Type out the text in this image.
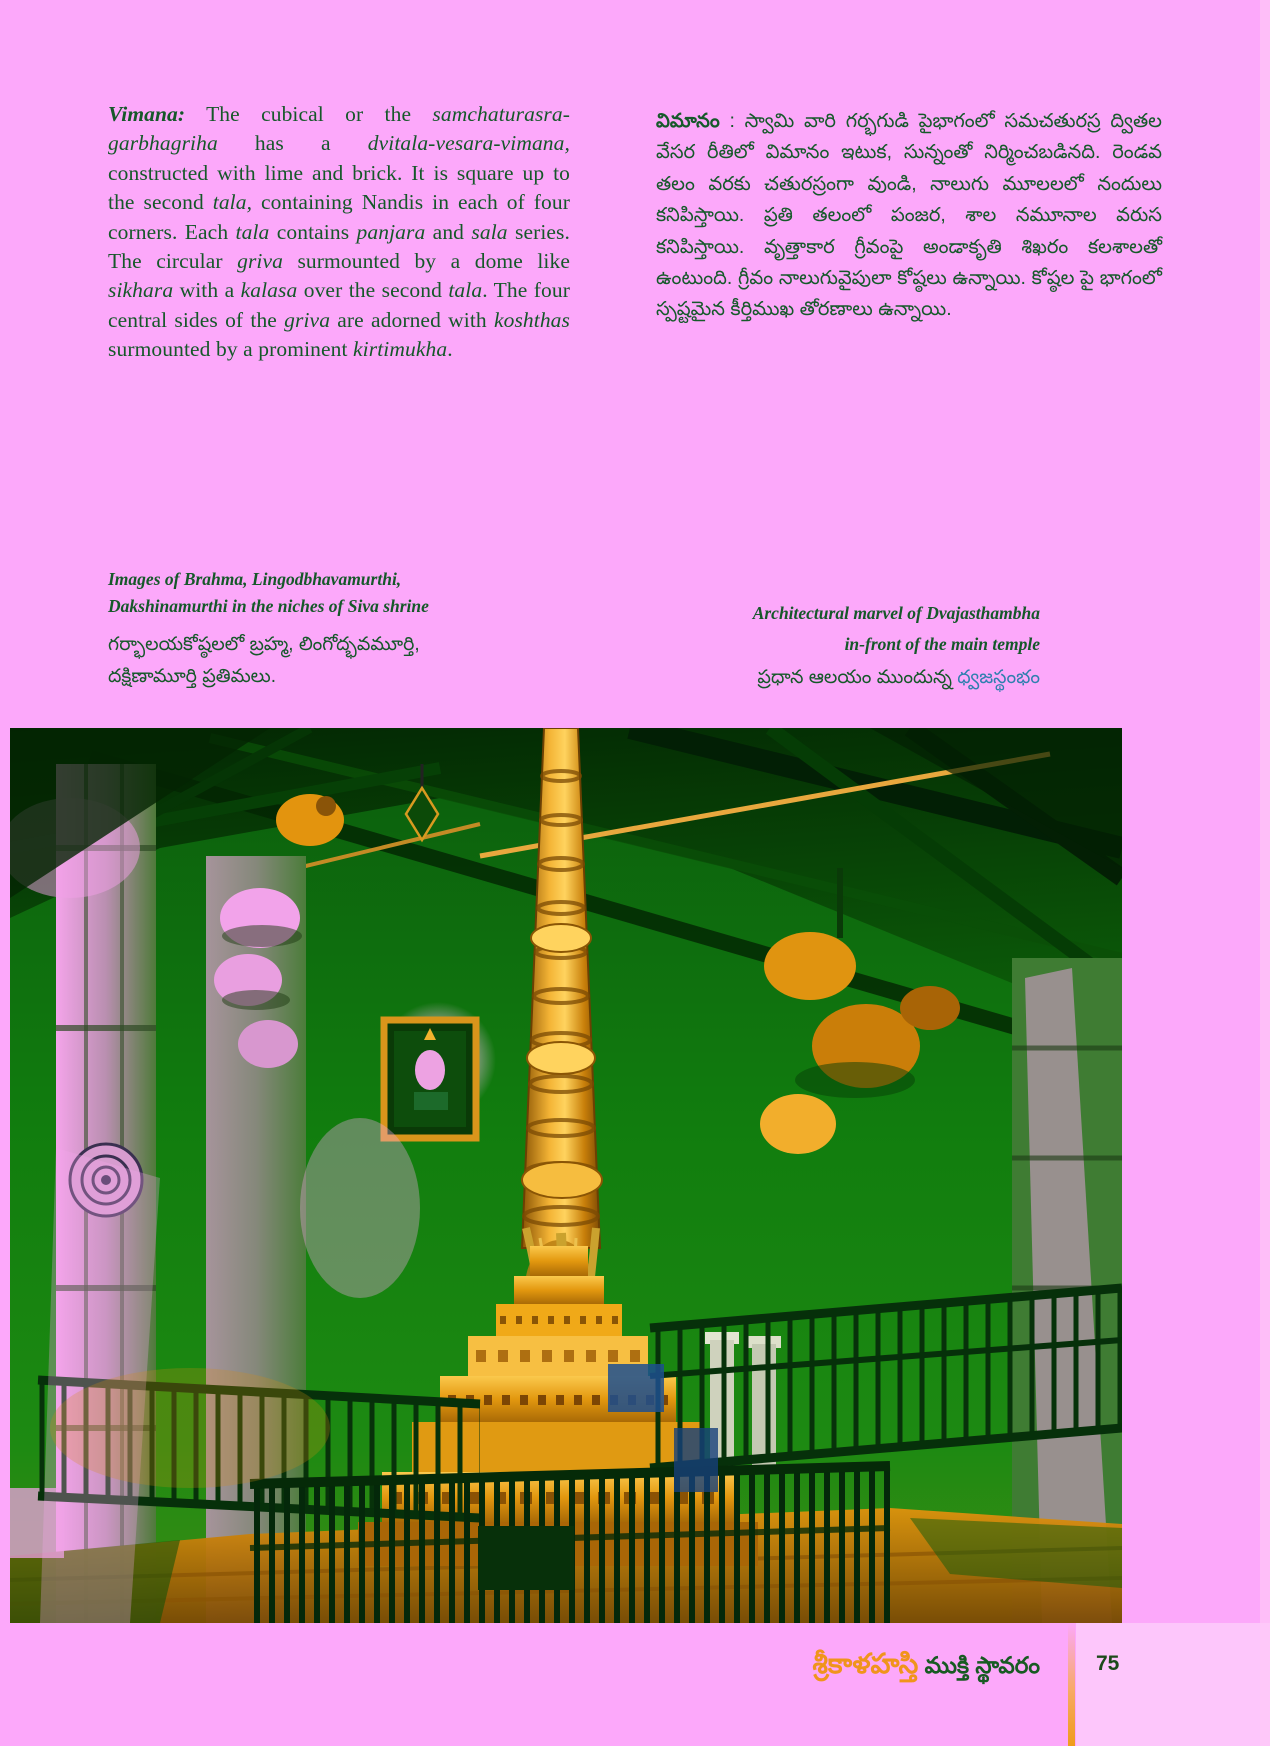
Vimana: The cubical or the samchaturasra-garbhagriha has a dvitala-vesara-vimana, constructed with lime and brick. It is square up to the second tala, containing Nandis in each of four corners. Each tala contains panjara and sala series. The circular griva surmounted by a dome like sikhara with a kalasa over the second tala. The four central sides of the griva are adorned with koshthas surmounted by a prominent kirtimukha.
విమానం : స్వామి వారి గర్భగుడి పైభాగంలో సమచతురస్ర ద్వితల వేసర రీతిలో విమానం ఇటుక, సున్నంతో నిర్మించబడినది. రెండవ తలం వరకు చతురస్రంగా వుండి, నాలుగు మూలలలో నందులు కనిపిస్తాయి. ప్రతి తలంలో పంజర, శాల నమూనాల వరుస కనిపిస్తాయి. వృత్తాకార గ్రీవంపై అండాకృతి శిఖరం కలశాలతో ఉంటుంది. గ్రీవం నాలుగువైపులా కోష్ఠలు ఉన్నాయి. కోష్ఠల పై భాగంలో స్పష్టమైన కీర్తిముఖ తోరణాలు ఉన్నాయి.
Images of Brahma, Lingodbhavamurthi,
Dakshinamurthi in the niches of Siva shrine
గర్భాలయకోష్ఠలలో బ్రహ్మ, లింగోద్భవమూర్తి,
దక్షిణామూర్తి ప్రతిమలు.
Architectural marvel of Dvajasthambha
in-front of the main temple
ప్రధాన ఆలయం ముందున్న ధ్వజస్థంభం
శ్రీకాళహస్తి ముక్తి స్థావరం	75
